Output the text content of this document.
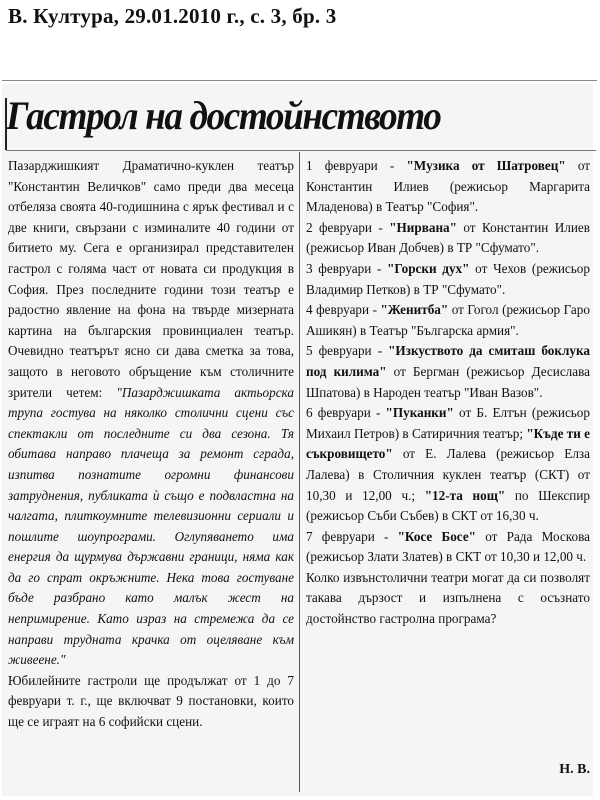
В. Култура, 29.01.2010 г., с. 3, бр. 3
Гастрол на достойнството

Пазарджишкият Драматично-куклен театър "Константин Величков" само преди два месеца отбеляза своята 40-годишнина с ярък фестивал и с две книги, свързани с изминалите 40 години от битието му. Сега е организирал представителен гастрол с голяма част от новата си продукция в София. През последните години този театър е радостно явление на фона на твърде мизерната картина на българския провинциален театър. Очевидно театърът ясно си дава сметка за това, защото в неговото обръщение към столичните зрители четем: "Пазарджишката актьорска трупа гостува на няколко столични сцени със спектакли от последните си два сезона. Тя обитава направо плачеща за ремонт сграда, изпитва познатите огромни финансови затруднения, публиката ѝ също е подвластна на чалгата, плиткоумните телевизионни сериали и пошлите шоупрограми. Оглупяването има енергия да щурмува държавни граници, няма как да го спрат окръжните. Нека това гостуване бъде разбрано като малък жест на непримирение. Като израз на стремежа да се направи трудната крачка от оцеляване към живеене."

Юбилейните гастроли ще продължат от 1 до 7 февруари т. г., ще включват 9 постановки, които ще се играят на 6 софийски сцени.

1 февруари - "Музика от Шатровец" от Константин Илиев (режисьор Маргарита Младенова) в Театър "София".

2 февруари - "Нирвана" от Константин Илиев (режисьор Иван Добчев) в ТР "Сфумато".

3 февруари - "Горски дух" от Чехов (режисьор Владимир Петков) в ТР "Сфумато".

4 февруари - "Женитба" от Гогол (режисьор Гаро Ашикян) в Театър "Българска армия".

5 февруари - "Изкуството да смиташ боклука под килима" от Бергман (режисьор Десислава Шпатова) в Народен театър "Иван Вазов".

6 февруари - "Пуканки" от Б. Елтън (режисьор Михаил Петров) в Сатиричния театър; "Къде ти е съкровището" от Е. Лалева (режисьор Елза Лалева) в Столичния куклен театър (СКТ) от 10,30 и 12,00 ч.; "12-та нощ" по Шекспир (режисьор Съби Събев) в СКТ от 16,30 ч.

7 февруари - "Косе Босе" от Рада Москова (режисьор Злати Златев) в СКТ от 10,30 и 12,00 ч.

Колко извънстолични театри могат да си позволят такава дързост и изпълнена с осъзнато достойнство гастролна програма?

Н. В.
